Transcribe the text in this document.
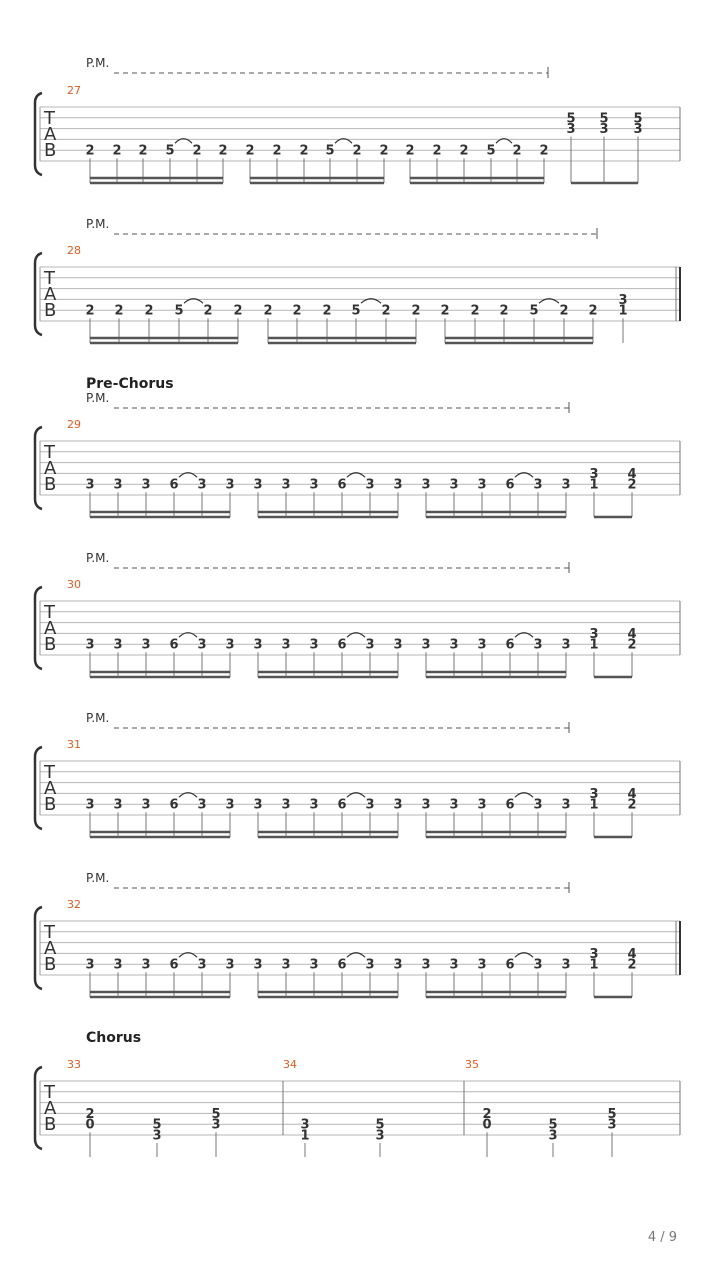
P.M.
27
T
A
B 2 2 2 5 2 2 2 2 2 5 2 2 2 2 2 5 2 2
5
3
5
3
5
3
P.M.
28
T
A
B 2 2 2 5 2 2 2 2 2 5 2 2 2 2 2 5 2 2
3
1
Pre-Chorus
P.M.
29
T
A
B 3 3 3 6 3 3 3 3 3 6 3 3 3 3 3 6 3 3
3
1
4
2
P.M.
30
T
A
B 3 3 3 6 3 3 3 3 3 6 3 3 3 3 3 6 3 3
3
1
4
2
P.M.
31
T
A
B 3 3 3 6 3 3 3 3 3 6 3 3 3 3 3 6 3 3
3
1
4
2
P.M.
32
T
A
B 3 3 3 6 3 3 3 3 3 6 3 3 3 3 3 6 3 3
3
1
4
2
Chorus
33	34	35
T
A
B 2
0	5
3
5
3	3
1
5
3
2
0	5
3
5
3
4 / 9
